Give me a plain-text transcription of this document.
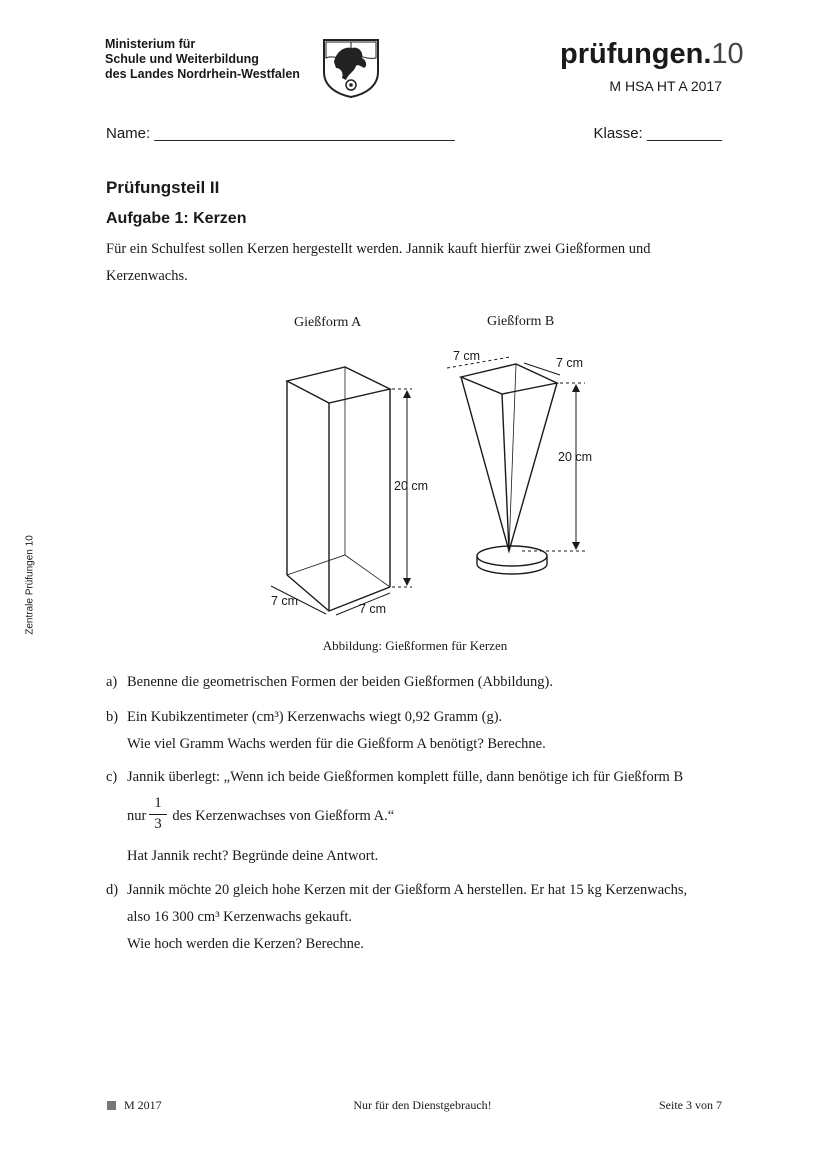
Ministerium für
Schule und Weiterbildung
des Landes Nordrhein-Westfalen
prüfungen.10
M HSA HT A 2017
Name: ____________________________________	Klasse: _________
Prüfungsteil II
Aufgabe 1: Kerzen
Für ein Schulfest sollen Kerzen hergestellt werden. Jannik kauft hierfür zwei Gießformen und Kerzenwachs.
Gießform A	Gießform B
20 cm
7 cm
7 cm
7 cm	7 cm
20 cm
Abbildung: Gießformen für Kerzen
a) Benenne die geometrischen Formen der beiden Gießformen (Abbildung).
b) Ein Kubikzentimeter (cm³) Kerzenwachs wiegt 0,92 Gramm (g).
Wie viel Gramm Wachs werden für die Gießform A benötigt? Berechne.
c) Jannik überlegt: „Wenn ich beide Gießformen komplett fülle, dann benötige ich für Gießform B
nur des Kerzenwachses von Gießform A.“
$\frac{1}{3}$
Hat Jannik recht? Begründe deine Antwort.
d) Jannik möchte 20 gleich hohe Kerzen mit der Gießform A herstellen. Er hat 15 kg Kerzenwachs,
also 16 300 cm³ Kerzenwachs gekauft.
Wie hoch werden die Kerzen? Berechne.
Zentrale Prüfungen 10
M 2017	Nur für den Dienstgebrauch!	Seite 3 von 7
